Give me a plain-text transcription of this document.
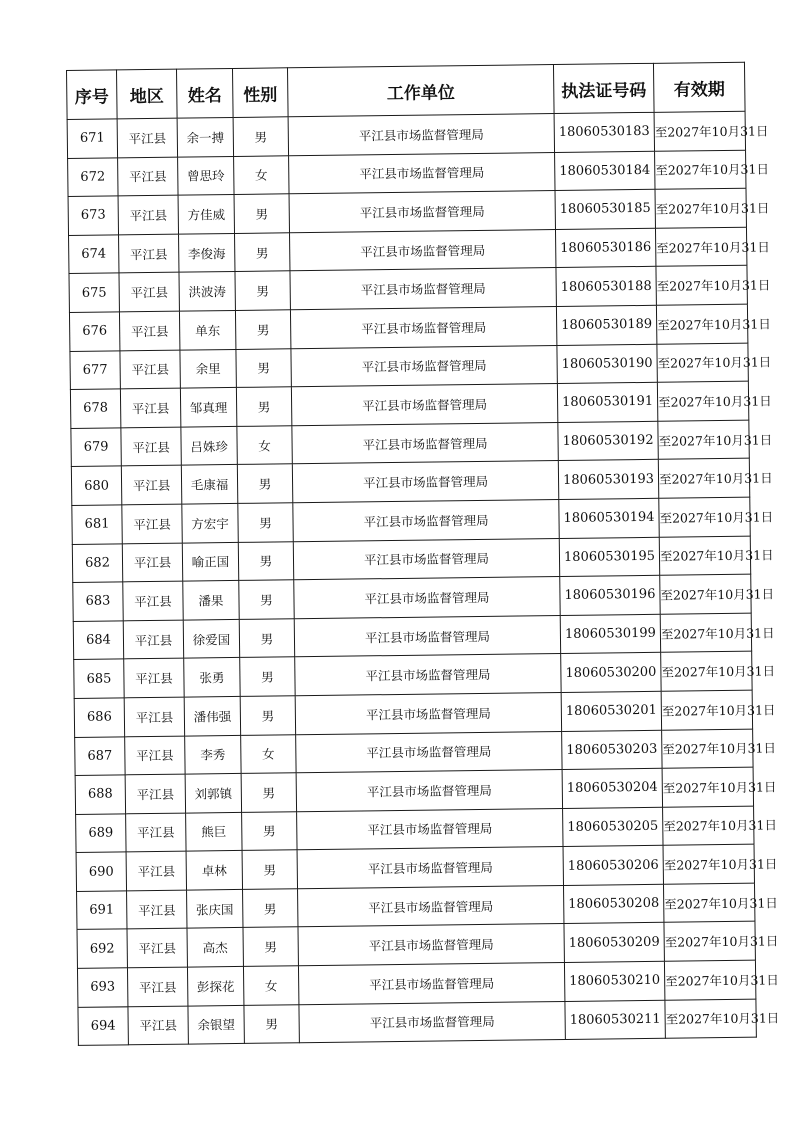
序号	地区	姓名	性别	工作单位	执法证号码	有效期
671	平江县	余一搏	男	平江县市场监督管理局	18060530183	至2027年10月31日
672	平江县	曾思玲	女	平江县市场监督管理局	18060530184	至2027年10月31日
673	平江县	方佳威	男	平江县市场监督管理局	18060530185	至2027年10月31日
674	平江县	李俊海	男	平江县市场监督管理局	18060530186	至2027年10月31日
675	平江县	洪波涛	男	平江县市场监督管理局	18060530188	至2027年10月31日
676	平江县	单东	男	平江县市场监督管理局	18060530189	至2027年10月31日
677	平江县	余里	男	平江县市场监督管理局	18060530190	至2027年10月31日
678	平江县	邹真理	男	平江县市场监督管理局	18060530191	至2027年10月31日
679	平江县	吕姝珍	女	平江县市场监督管理局	18060530192	至2027年10月31日
680	平江县	毛康福	男	平江县市场监督管理局	18060530193	至2027年10月31日
681	平江县	方宏宇	男	平江县市场监督管理局	18060530194	至2027年10月31日
682	平江县	喻正国	男	平江县市场监督管理局	18060530195	至2027年10月31日
683	平江县	潘果	男	平江县市场监督管理局	18060530196	至2027年10月31日
684	平江县	徐爱国	男	平江县市场监督管理局	18060530199	至2027年10月31日
685	平江县	张勇	男	平江县市场监督管理局	18060530200	至2027年10月31日
686	平江县	潘伟强	男	平江县市场监督管理局	18060530201	至2027年10月31日
687	平江县	李秀	女	平江县市场监督管理局	18060530203	至2027年10月31日
688	平江县	刘郭镇	男	平江县市场监督管理局	18060530204	至2027年10月31日
689	平江县	熊巨	男	平江县市场监督管理局	18060530205	至2027年10月31日
690	平江县	卓林	男	平江县市场监督管理局	18060530206	至2027年10月31日
691	平江县	张庆国	男	平江县市场监督管理局	18060530208	至2027年10月31日
692	平江县	高杰	男	平江县市场监督管理局	18060530209	至2027年10月31日
693	平江县	彭探花	女	平江县市场监督管理局	18060530210	至2027年10月31日
694	平江县	余银望	男	平江县市场监督管理局	18060530211	至2027年10月31日
